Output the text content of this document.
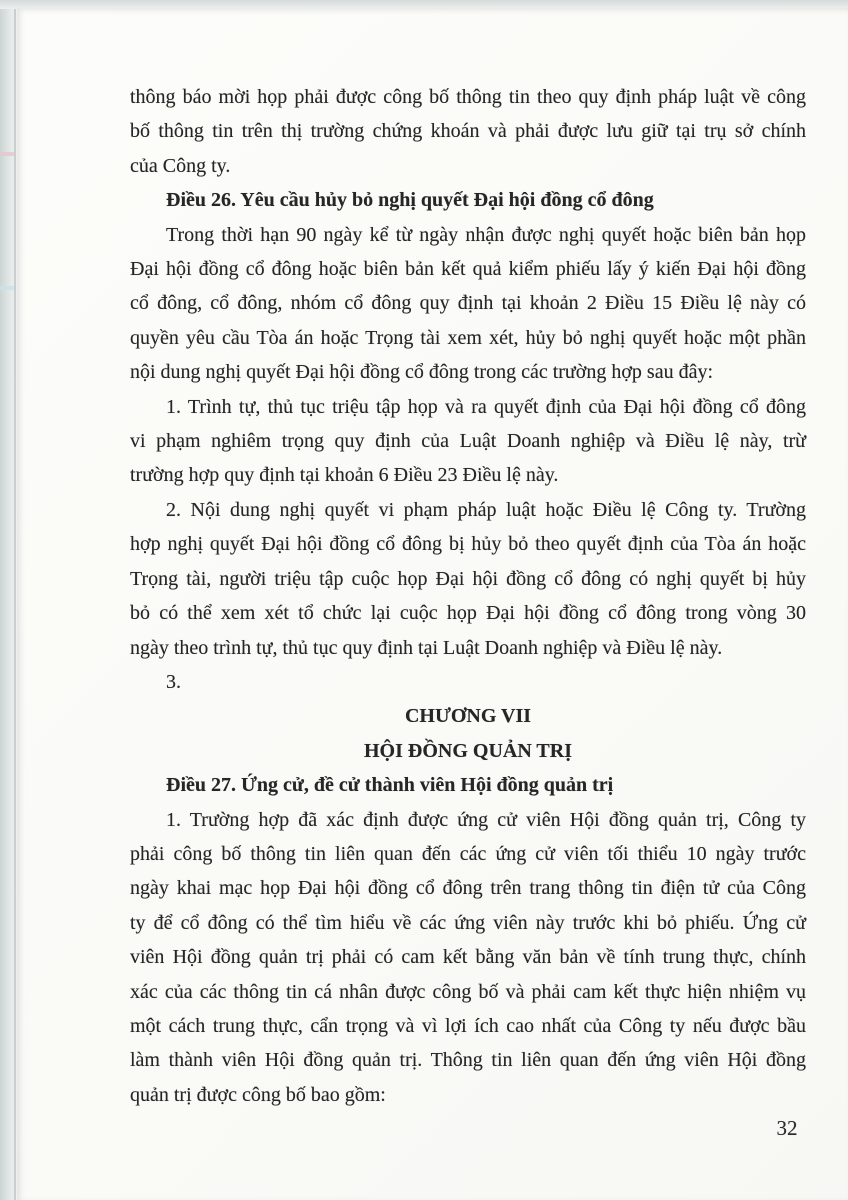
thông báo mời họp phải được công bố thông tin theo quy định pháp luật về công
bố thông tin trên thị trường chứng khoán và phải được lưu giữ tại trụ sở chính
của Công ty.
Điều 26. Yêu cầu hủy bỏ nghị quyết Đại hội đồng cổ đông
Trong thời hạn 90 ngày kể từ ngày nhận được nghị quyết hoặc biên bản họp
Đại hội đồng cổ đông hoặc biên bản kết quả kiểm phiếu lấy ý kiến Đại hội đồng
cổ đông, cổ đông, nhóm cổ đông quy định tại khoản 2 Điều 15 Điều lệ này có
quyền yêu cầu Tòa án hoặc Trọng tài xem xét, hủy bỏ nghị quyết hoặc một phần
nội dung nghị quyết Đại hội đồng cổ đông trong các trường hợp sau đây:
1. Trình tự, thủ tục triệu tập họp và ra quyết định của Đại hội đồng cổ đông
vi phạm nghiêm trọng quy định của Luật Doanh nghiệp và Điều lệ này, trừ
trường hợp quy định tại khoản 6 Điều 23 Điều lệ này.
2. Nội dung nghị quyết vi phạm pháp luật hoặc Điều lệ Công ty. Trường
hợp nghị quyết Đại hội đồng cổ đông bị hủy bỏ theo quyết định của Tòa án hoặc
Trọng tài, người triệu tập cuộc họp Đại hội đồng cổ đông có nghị quyết bị hủy
bỏ có thể xem xét tổ chức lại cuộc họp Đại hội đồng cổ đông trong vòng 30
ngày theo trình tự, thủ tục quy định tại Luật Doanh nghiệp và Điều lệ này.
3.
CHƯƠNG VII
HỘI ĐỒNG QUẢN TRỊ
Điều 27. Ứng cử, đề cử thành viên Hội đồng quản trị
1. Trường hợp đã xác định được ứng cử viên Hội đồng quản trị, Công ty
phải công bố thông tin liên quan đến các ứng cử viên tối thiểu 10 ngày trước
ngày khai mạc họp Đại hội đồng cổ đông trên trang thông tin điện tử của Công
ty để cổ đông có thể tìm hiểu về các ứng viên này trước khi bỏ phiếu. Ứng cử
viên Hội đồng quản trị phải có cam kết bằng văn bản về tính trung thực, chính
xác của các thông tin cá nhân được công bố và phải cam kết thực hiện nhiệm vụ
một cách trung thực, cẩn trọng và vì lợi ích cao nhất của Công ty nếu được bầu
làm thành viên Hội đồng quản trị. Thông tin liên quan đến ứng viên Hội đồng
quản trị được công bố bao gồm:
32
